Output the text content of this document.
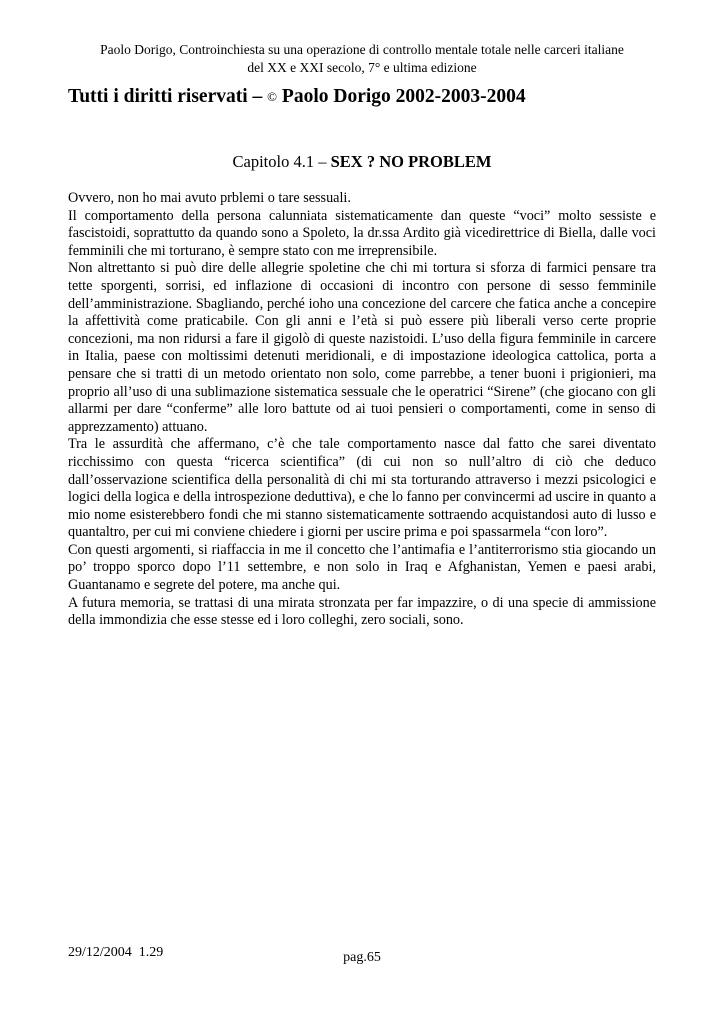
Paolo Dorigo, Controinchiesta su una operazione di controllo mentale totale nelle carceri italiane
del XX e XXI secolo, 7° e ultima edizione
Tutti i diritti riservati – © Paolo Dorigo 2002-2003-2004
Capitolo 4.1 – SEX ? NO PROBLEM

Ovvero, non ho mai avuto prblemi o tare sessuali.

Il comportamento della persona calunniata sistematicamente dan queste “voci” molto sessiste e fascistoidi, soprattutto da quando sono a Spoleto, la dr.ssa Ardito già vicedirettrice di Biella, dalle voci femminili che mi torturano, è sempre stato con me irreprensibile.

Non altrettanto si può dire delle allegrie spoletine che chi mi tortura si sforza di farmici pensare tra tette sporgenti, sorrisi, ed inflazione di occasioni di incontro con persone di sesso femminile dell’amministrazione. Sbagliando, perché ioho una concezione del carcere che fatica anche a concepire la affettività come praticabile. Con gli anni e l’età si può essere più liberali verso certe proprie concezioni, ma non ridursi a fare il gigolò di queste nazistoidi. L’uso della figura femminile in carcere in Italia, paese con moltissimi detenuti meridionali, e di impostazione ideologica cattolica, porta a pensare che si tratti di un metodo orientato non solo, come parrebbe, a tener buoni i prigionieri, ma proprio all’uso di una sublimazione sistematica sessuale che le operatrici “Sirene” (che giocano con gli allarmi per dare “conferme” alle loro battute od ai tuoi pensieri o comportamenti, come in senso di apprezzamento) attuano.

Tra le assurdità che affermano, c’è che tale comportamento nasce dal fatto che sarei diventato ricchissimo con questa “ricerca scientifica” (di cui non so null’altro di ciò che deduco dall’osservazione scientifica della personalità di chi mi sta torturando attraverso i mezzi psicologici e logici della logica e della introspezione deduttiva), e che lo fanno per convincermi ad uscire in quanto a mio nome esisterebbero fondi che mi stanno sistematicamente sottraendo acquistandosi auto di lusso e quantaltro, per cui mi conviene chiedere i giorni per uscire prima e poi spassarmela “con loro”.

Con questi argomenti, si riaffaccia in me il concetto che l’antimafia e l’antiterrorismo stia giocando un po’ troppo sporco dopo l’11 settembre, e non solo in Iraq e Afghanistan, Yemen e paesi arabi, Guantanamo e segrete del potere, ma anche qui.

A futura memoria, se trattasi di una mirata stronzata per far impazzire, o di una specie di ammissione della immondizia che esse stesse ed i loro colleghi, zero sociali, sono.

29/12/2004  1.29	pag.65
